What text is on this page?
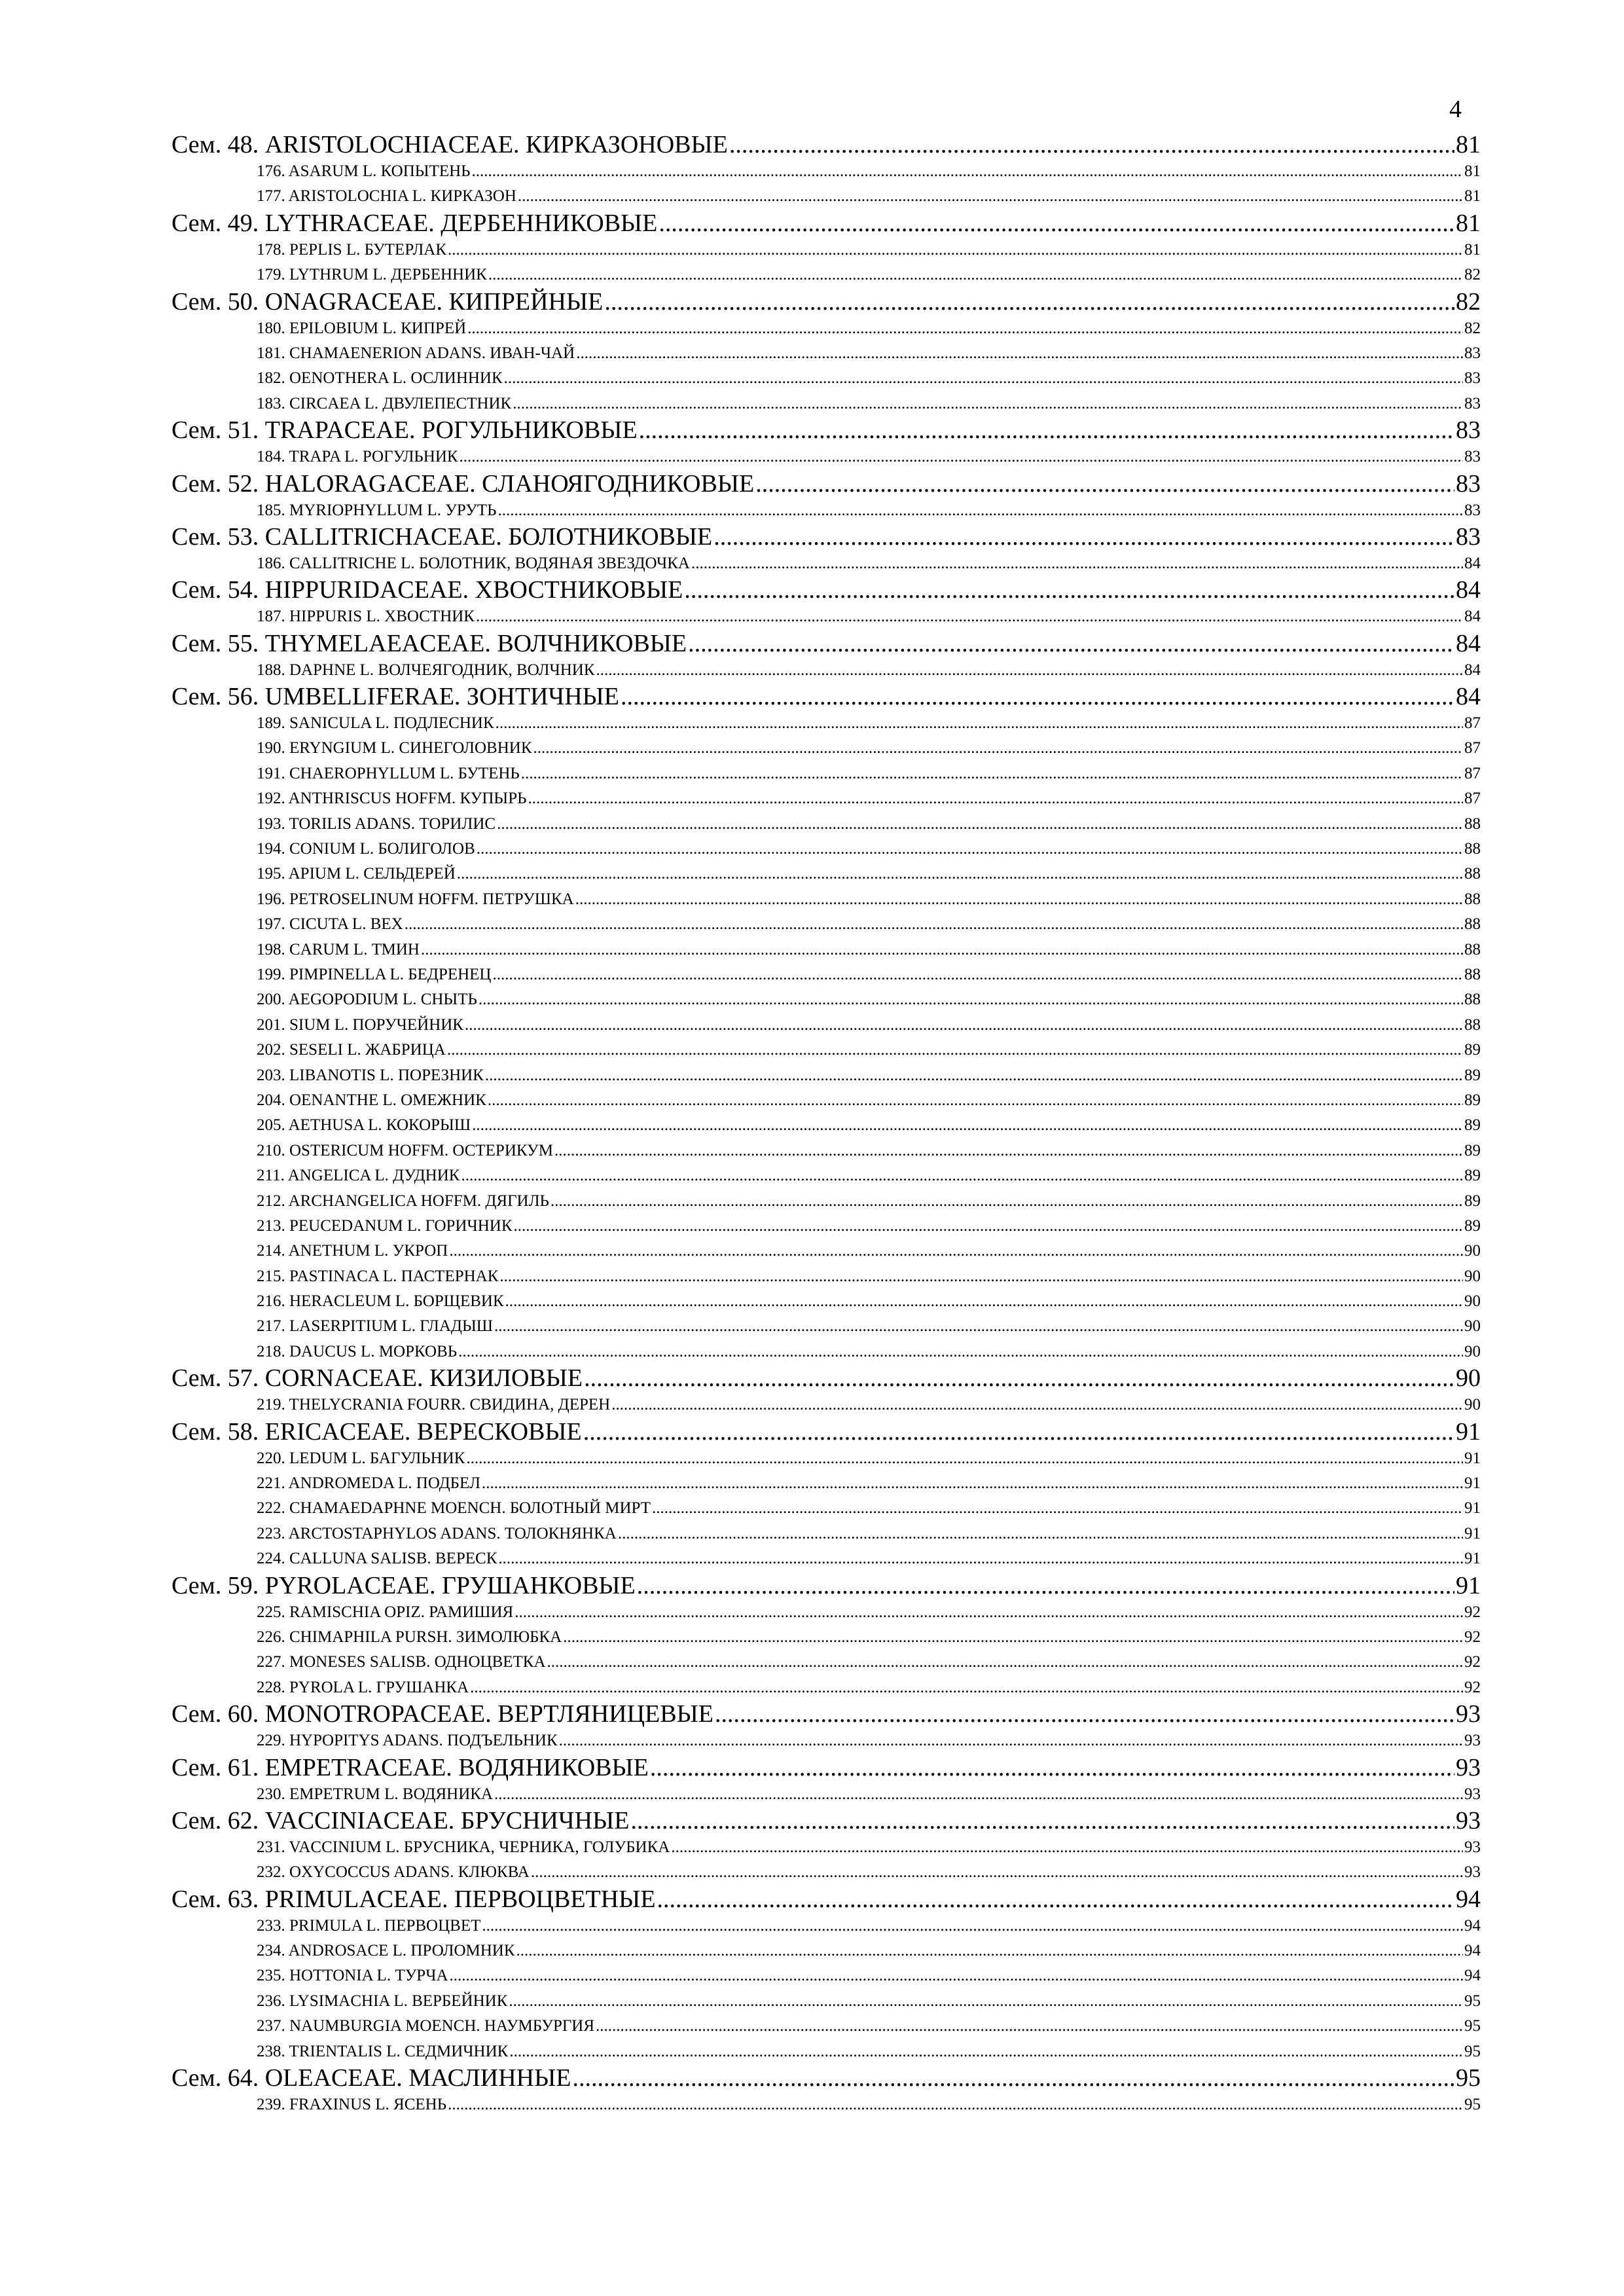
4
Сем. 48. ARISTOLOCHIACEAE. КИРКАЗОНОВЫЕ .....	81
176. ASARUM L. КОПЫТЕНЬ .....	81
177. ARISTOLOCHIA L. КИРКАЗОН .....	81
Сем. 49. LYTHRACEAE. ДЕРБЕННИКОВЫЕ .....	81
178. PEPLIS L. БУТЕРЛАК .....	81
179. LYTHRUM L. ДЕРБЕННИК .....	82
Сем. 50. ONAGRACEAE. КИПРЕЙНЫЕ .....	82
180. EPILOBIUM L. КИПРЕЙ .....	82
181. CHAMAENERION ADANS. ИВАН-ЧАЙ .....	83
182. OENOTHERA L. ОСЛИННИК .....	83
183. CIRCAEA L. ДВУЛЕПЕСТНИК .....	83
Сем. 51. TRAPACEAE. РОГУЛЬНИКОВЫЕ .....	83
184. TRAPA L. РОГУЛЬНИК .....	83
Сем. 52. HALORAGACEAE. СЛАНОЯГОДНИКОВЫЕ .....	83
185. MYRIOPHYLLUM L. УРУТЬ .....	83
Сем. 53. CALLITRICHACEAE. БОЛОТНИКОВЫЕ .....	83
186. CALLITRICHE L. БОЛОТНИК, ВОДЯНАЯ ЗВЕЗДОЧКА .....	84
Сем. 54. HIPPURIDACEAE. ХВОСТНИКОВЫЕ .....	84
187. HIPPURIS L. ХВОСТНИК .....	84
Сем. 55. THYMELAEACEAE. ВОЛЧНИКОВЫЕ .....	84
188. DAPHNE L. ВОЛЧЕЯГОДНИК, ВОЛЧНИК .....	84
Сем. 56. UMBELLIFERAE. ЗОНТИЧНЫЕ .....	84
189. SANICULA L. ПОДЛЕСНИК .....	87
190. ERYNGIUM L. СИНЕГОЛОВНИК .....	87
191. CHAEROPHYLLUM L. БУТЕНЬ .....	87
192. ANTHRISCUS HOFFM. КУПЫРЬ .....	87
193. TORILIS ADANS. ТОРИЛИС .....	88
194. CONIUM L. БОЛИГОЛОВ .....	88
195. APIUM L. СЕЛЬДЕРЕЙ .....	88
196. PETROSELINUM HOFFM. ПЕТРУШКА .....	88
197. CICUTA L. ВЕХ .....	88
198. CARUM L. ТМИН .....	88
199. PIMPINELLA L. БЕДРЕНЕЦ .....	88
200. AEGOPODIUM L. СНЫТЬ .....	88
201. SIUM L. ПОРУЧЕЙНИК .....	88
202. SESELI L. ЖАБРИЦА .....	89
203. LIBANOTIS L. ПОРЕЗНИК .....	89
204. OENANTHE L. ОМЕЖНИК .....	89
205. AETHUSA L. КОКОРЫШ .....	89
210. OSTERICUM HOFFM. ОСТЕРИКУМ .....	89
211. ANGELICA L. ДУДНИК .....	89
212. ARCHANGELICA HOFFM. ДЯГИЛЬ .....	89
213. PEUCEDANUM L. ГОРИЧНИК .....	89
214. ANETHUM L. УКРОП .....	90
215. PASTINACA L. ПАСТЕРНАК .....	90
216. HERACLEUM L. БОРЩЕВИК .....	90
217. LASERPITIUM L. ГЛАДЫШ .....	90
218. DAUCUS L. МОРКОВЬ .....	90
Сем. 57. CORNACEAE. КИЗИЛОВЫЕ .....	90
219. THELYCRANIA FOURR. СВИДИНА, ДЕРЕН .....	90
Сем. 58. ERICACEAE. ВЕРЕСКОВЫЕ .....	91
220. LEDUM L. БАГУЛЬНИК .....	91
221. ANDROMEDA L. ПОДБЕЛ .....	91
222. CHAMAEDAPHNE MOENCH. БОЛОТНЫЙ МИРТ .....	91
223. ARCTOSTAPHYLOS ADANS. ТОЛОКНЯНКА .....	91
224. CALLUNA SALISB. ВЕРЕСК .....	91
Сем. 59. PYROLACEAE. ГРУШАНКОВЫЕ .....	91
225. RAMISCHIA OPIZ. РАМИШИЯ .....	92
226. CHIMAPHILA PURSH. ЗИМОЛЮБКА .....	92
227. MONESES SALISB. ОДНОЦВЕТКА .....	92
228. PYROLA L. ГРУШАНКА .....	92
Сем. 60. MONOTROPACEAE. ВЕРТЛЯНИЦЕВЫЕ .....	93
229. HYPOPITYS ADANS. ПОДЪЕЛЬНИК .....	93
Сем. 61. EMPETRACEAE. ВОДЯНИКОВЫЕ .....	93
230. EMPETRUM L. ВОДЯНИКА .....	93
Сем. 62. VACCINIACEAE. БРУСНИЧНЫЕ .....	93
231. VACCINIUM L. БРУСНИКА, ЧЕРНИКА, ГОЛУБИКА .....	93
232. OXYCOCCUS ADANS. КЛЮКВА .....	93
Сем. 63. PRIMULACEAE. ПЕРВОЦВЕТНЫЕ .....	94
233. PRIMULA L. ПЕРВОЦВЕТ .....	94
234. ANDROSACE L. ПРОЛОМНИК .....	94
235. HOTTONIA L. ТУРЧА .....	94
236. LYSIMACHIA L. ВЕРБЕЙНИК .....	95
237. NAUMBURGIA MOENCH. НАУМБУРГИЯ .....	95
238. TRIENTALIS L. СЕДМИЧНИК .....	95
Сем. 64. OLEACEAE. МАСЛИННЫЕ .....	95
239. FRAXINUS L. ЯСЕНЬ .....	95
